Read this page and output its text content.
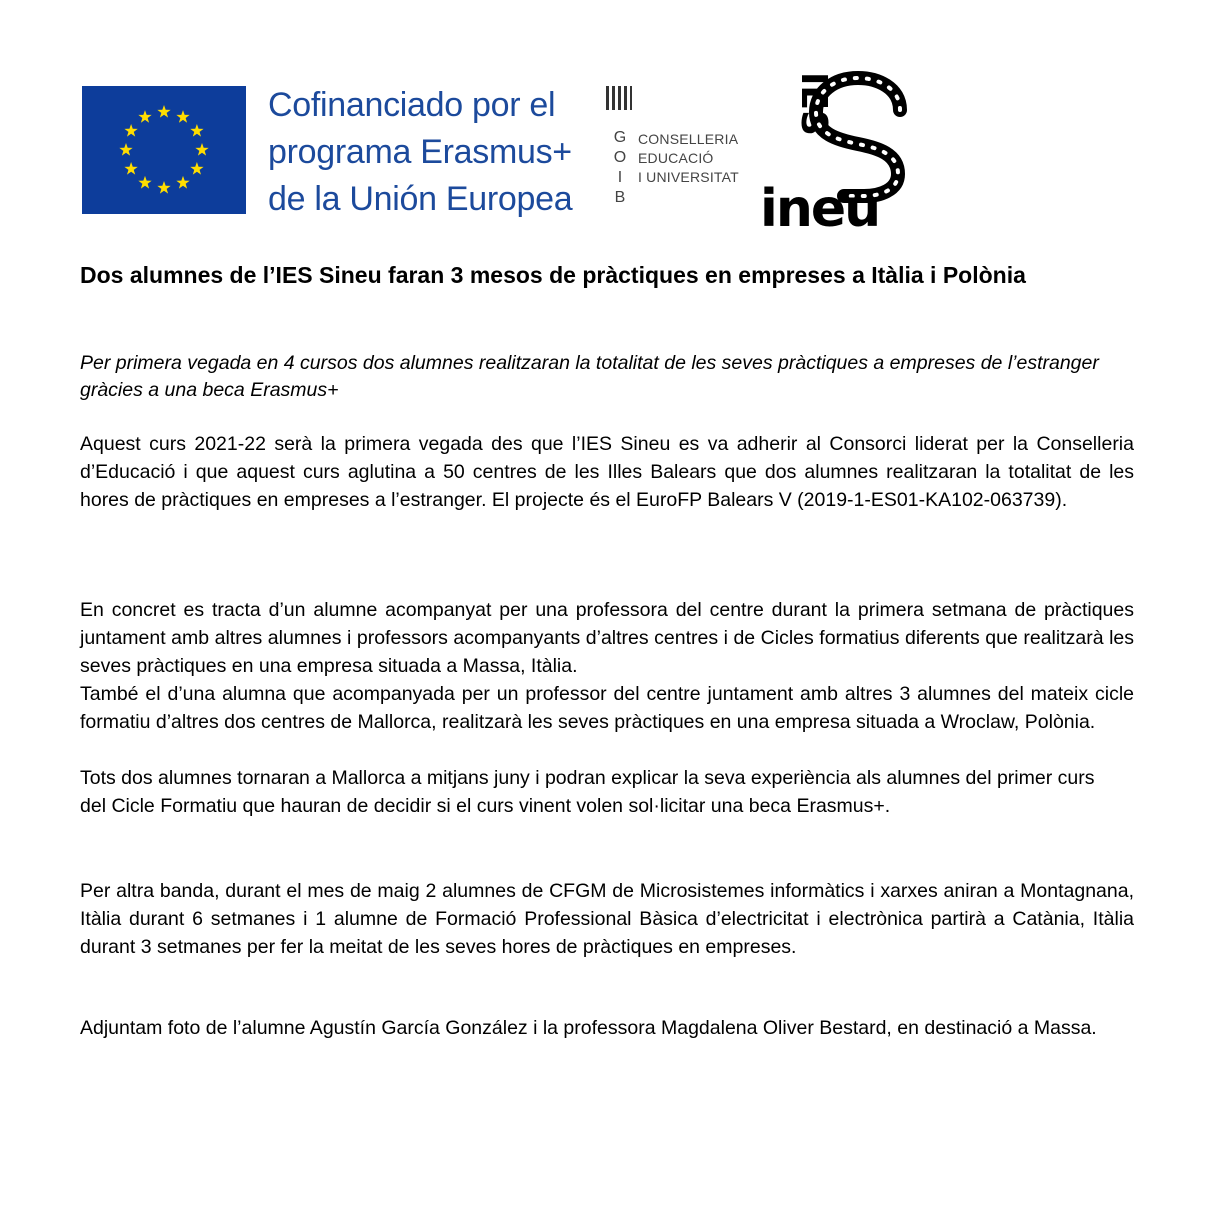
Cofinanciado por el
programa Erasmus+
de la Unión Europea
G
O
I
B
CONSELLERIA
EDUCACIÓ
I UNIVERSITAT
IES
ineu
Dos alumnes de l’IES Sineu faran 3 mesos de pràctiques en empreses a Itàlia i Polònia

Per primera vegada en 4 cursos dos alumnes realitzaran la totalitat de les seves pràctiques a empreses de l’estranger gràcies a una beca Erasmus+

Aquest curs 2021-22 serà la primera vegada des que l’IES Sineu es va adherir al Consorci liderat per la Conselleria d’Educació i que aquest curs aglutina a 50 centres de les Illes Balears que dos alumnes realitzaran la totalitat de les hores de pràctiques en empreses a l’estranger. El projecte és el EuroFP Balears V (2019-1-ES01-KA102-063739).

En concret es tracta d’un alumne acompanyat per una professora del centre durant la primera setmana de pràctiques juntament amb altres alumnes i professors acompanyants d’altres centres i de Cicles formatius diferents que realitzarà les seves pràctiques en una empresa situada a Massa, Itàlia.

També el d’una alumna que acompanyada per un professor del centre juntament amb altres 3 alumnes del mateix cicle formatiu d’altres dos centres de Mallorca, realitzarà les seves pràctiques en una empresa situada a Wroclaw, Polònia.

Tots dos alumnes tornaran a Mallorca a mitjans juny i podran explicar la seva experiència als alumnes del primer curs del Cicle Formatiu que hauran de decidir si el curs vinent volen sol·licitar una beca Erasmus+.

Per altra banda, durant el mes de maig 2 alumnes de CFGM de Microsistemes informàtics i xarxes aniran a Montagnana, Itàlia durant 6 setmanes i 1 alumne de Formació Professional Bàsica d’electricitat i electrònica partirà a Catània, Itàlia durant 3 setmanes per fer la meitat de les seves hores de pràctiques en empreses.

Adjuntam foto de l’alumne Agustín García González i la professora Magdalena Oliver Bestard, en destinació a Massa.
